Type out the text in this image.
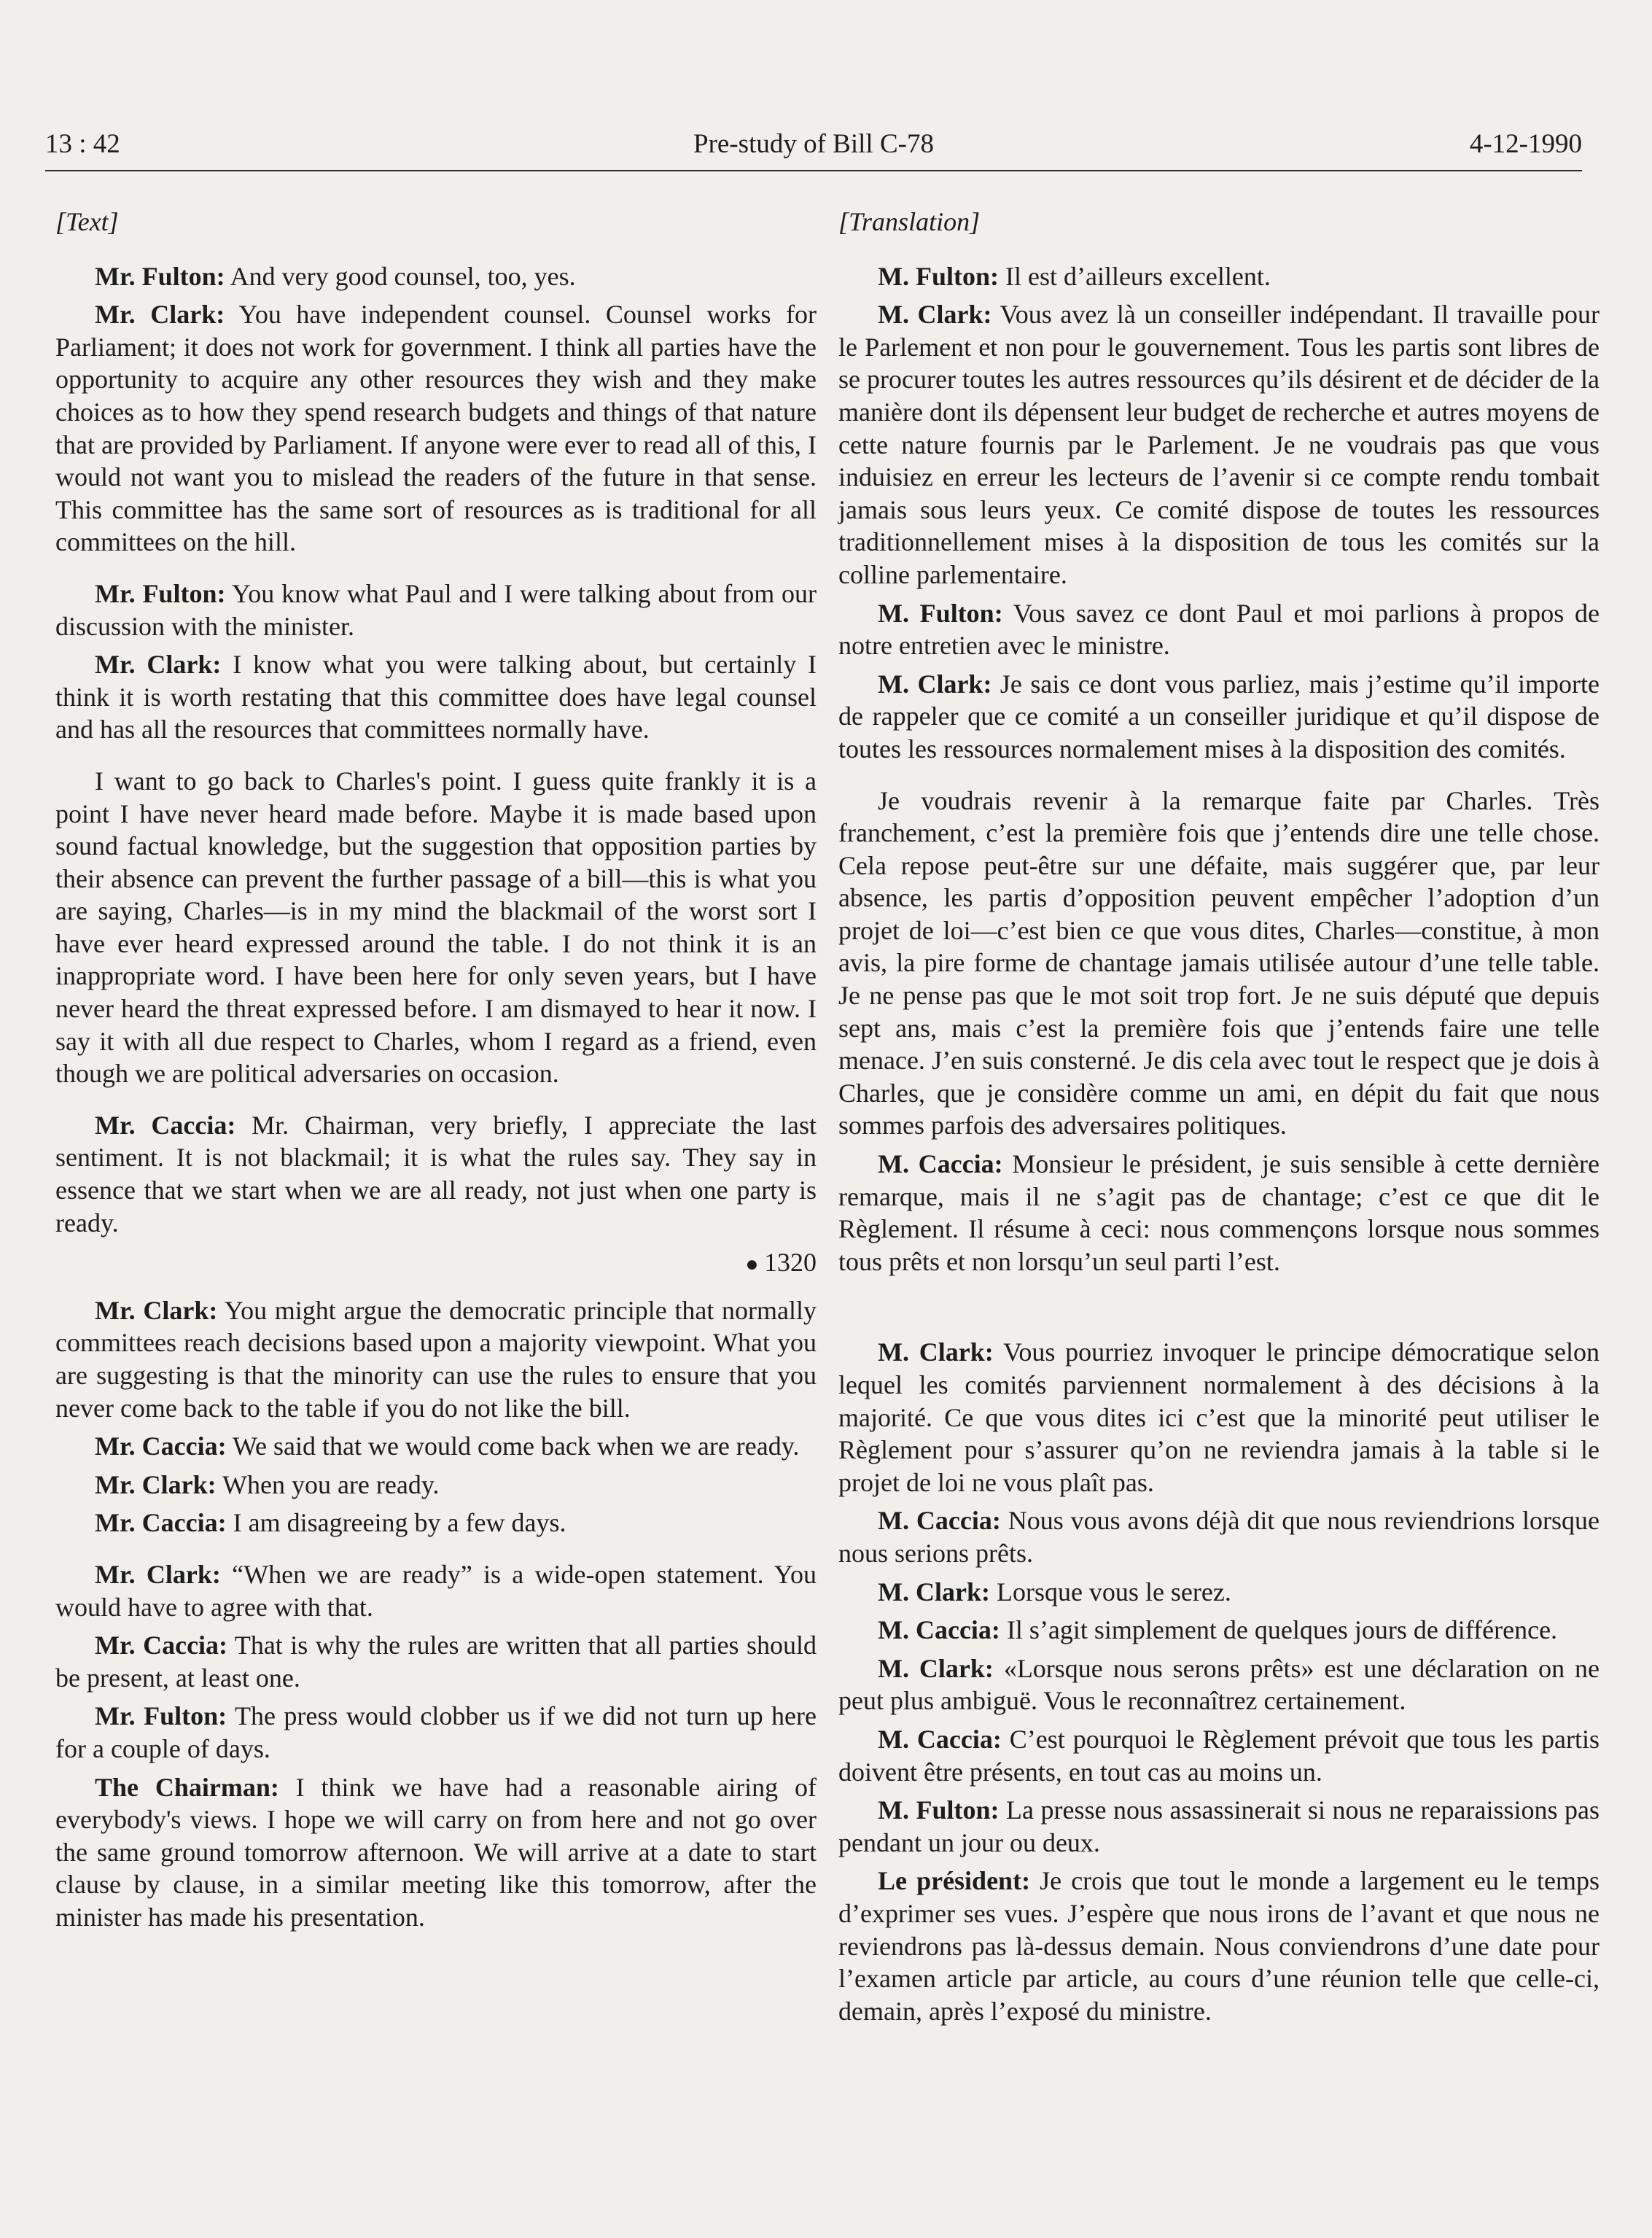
13 : 42	Pre-study of Bill C-78	4-12-1990
[Text]

Mr. Fulton: And very good counsel, too, yes.

Mr. Clark: You have independent counsel. Counsel works for Parliament; it does not work for government. I think all parties have the opportunity to acquire any other resources they wish and they make choices as to how they spend research budgets and things of that nature that are provided by Parliament. If anyone were ever to read all of this, I would not want you to mislead the readers of the future in that sense. This committee has the same sort of resources as is traditional for all committees on the hill.

Mr. Fulton: You know what Paul and I were talking about from our discussion with the minister.

Mr. Clark: I know what you were talking about, but certainly I think it is worth restating that this committee does have legal counsel and has all the resources that committees normally have.

I want to go back to Charles's point. I guess quite frankly it is a point I have never heard made before. Maybe it is made based upon sound factual knowledge, but the suggestion that opposition parties by their absence can prevent the further passage of a bill—this is what you are saying, Charles—is in my mind the blackmail of the worst sort I have ever heard expressed around the table. I do not think it is an inappropriate word. I have been here for only seven years, but I have never heard the threat expressed before. I am dismayed to hear it now. I say it with all due respect to Charles, whom I regard as a friend, even though we are political adversaries on occasion.

Mr. Caccia: Mr. Chairman, very briefly, I appreciate the last sentiment. It is not blackmail; it is what the rules say. They say in essence that we start when we are all ready, not just when one party is ready.

● 1320

Mr. Clark: You might argue the democratic principle that normally committees reach decisions based upon a majority viewpoint. What you are suggesting is that the minority can use the rules to ensure that you never come back to the table if you do not like the bill.

Mr. Caccia: We said that we would come back when we are ready.

Mr. Clark: When you are ready.

Mr. Caccia: I am disagreeing by a few days.

Mr. Clark: “When we are ready” is a wide-open statement. You would have to agree with that.

Mr. Caccia: That is why the rules are written that all parties should be present, at least one.

Mr. Fulton: The press would clobber us if we did not turn up here for a couple of days.

The Chairman: I think we have had a reasonable airing of everybody's views. I hope we will carry on from here and not go over the same ground tomorrow afternoon. We will arrive at a date to start clause by clause, in a similar meeting like this tomorrow, after the minister has made his presentation.

[Translation]

M. Fulton: Il est d’ailleurs excellent.

M. Clark: Vous avez là un conseiller indépendant. Il travaille pour le Parlement et non pour le gouvernement. Tous les partis sont libres de se procurer toutes les autres ressources qu’ils désirent et de décider de la manière dont ils dépensent leur budget de recherche et autres moyens de cette nature fournis par le Parlement. Je ne voudrais pas que vous induisiez en erreur les lecteurs de l’avenir si ce compte rendu tombait jamais sous leurs yeux. Ce comité dispose de toutes les ressources traditionnellement mises à la disposition de tous les comités sur la colline parlementaire.

M. Fulton: Vous savez ce dont Paul et moi parlions à propos de notre entretien avec le ministre.

M. Clark: Je sais ce dont vous parliez, mais j’estime qu’il importe de rappeler que ce comité a un conseiller juridique et qu’il dispose de toutes les ressources normalement mises à la disposition des comités.

Je voudrais revenir à la remarque faite par Charles. Très franchement, c’est la première fois que j’entends dire une telle chose. Cela repose peut-être sur une défaite, mais suggérer que, par leur absence, les partis d’opposition peuvent empêcher l’adoption d’un projet de loi—c’est bien ce que vous dites, Charles—constitue, à mon avis, la pire forme de chantage jamais utilisée autour d’une telle table. Je ne pense pas que le mot soit trop fort. Je ne suis député que depuis sept ans, mais c’est la première fois que j’entends faire une telle menace. J’en suis consterné. Je dis cela avec tout le respect que je dois à Charles, que je considère comme un ami, en dépit du fait que nous sommes parfois des adversaires politiques.

M. Caccia: Monsieur le président, je suis sensible à cette dernière remarque, mais il ne s’agit pas de chantage; c’est ce que dit le Règlement. Il résume à ceci: nous commençons lorsque nous sommes tous prêts et non lorsqu’un seul parti l’est.

M. Clark: Vous pourriez invoquer le principe démocratique selon lequel les comités parviennent normalement à des décisions à la majorité. Ce que vous dites ici c’est que la minorité peut utiliser le Règlement pour s’assurer qu’on ne reviendra jamais à la table si le projet de loi ne vous plaît pas.

M. Caccia: Nous vous avons déjà dit que nous reviendrions lorsque nous serions prêts.

M. Clark: Lorsque vous le serez.

M. Caccia: Il s’agit simplement de quelques jours de différence.

M. Clark: «Lorsque nous serons prêts» est une déclaration on ne peut plus ambiguë. Vous le reconnaîtrez certainement.

M. Caccia: C’est pourquoi le Règlement prévoit que tous les partis doivent être présents, en tout cas au moins un.

M. Fulton: La presse nous assassinerait si nous ne reparaissions pas pendant un jour ou deux.

Le président: Je crois que tout le monde a largement eu le temps d’exprimer ses vues. J’espère que nous irons de l’avant et que nous ne reviendrons pas là-dessus demain. Nous conviendrons d’une date pour l’examen article par article, au cours d’une réunion telle que celle-ci, demain, après l’exposé du ministre.
